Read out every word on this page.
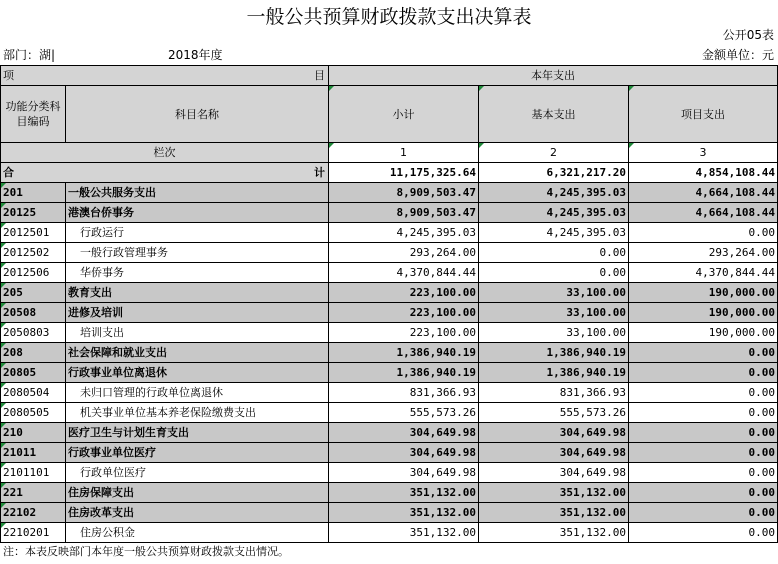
一般公共预算财政拨款支出决算表
公开05表
部门：湖|	2018年度	金额单位：元
项 目		本年支出		
功能分类科目编码	科目名称	小计	基本支出	项目支出
栏次		1	2	3
合 计		11,175,325.64	6,321,217.20	4,854,108.44
201	一般公共服务支出	8,909,503.47	4,245,395.03	4,664,108.44
20125	港澳台侨事务	8,909,503.47	4,245,395.03	4,664,108.44
2012501	行政运行	4,245,395.03	4,245,395.03	0.00
2012502	一般行政管理事务	293,264.00	0.00	293,264.00
2012506	华侨事务	4,370,844.44	0.00	4,370,844.44
205	教育支出	223,100.00	33,100.00	190,000.00
20508	进修及培训	223,100.00	33,100.00	190,000.00
2050803	培训支出	223,100.00	33,100.00	190,000.00
208	社会保障和就业支出	1,386,940.19	1,386,940.19	0.00
20805	行政事业单位离退休	1,386,940.19	1,386,940.19	0.00
2080504	未归口管理的行政单位离退休	831,366.93	831,366.93	0.00
2080505	机关事业单位基本养老保险缴费支出	555,573.26	555,573.26	0.00
210	医疗卫生与计划生育支出	304,649.98	304,649.98	0.00
21011	行政事业单位医疗	304,649.98	304,649.98	0.00
2101101	行政单位医疗	304,649.98	304,649.98	0.00
221	住房保障支出	351,132.00	351,132.00	0.00
22102	住房改革支出	351,132.00	351,132.00	0.00
2210201	住房公积金	351,132.00	351,132.00	0.00
注：本表反映部门本年度一般公共预算财政拨款支出情况。
